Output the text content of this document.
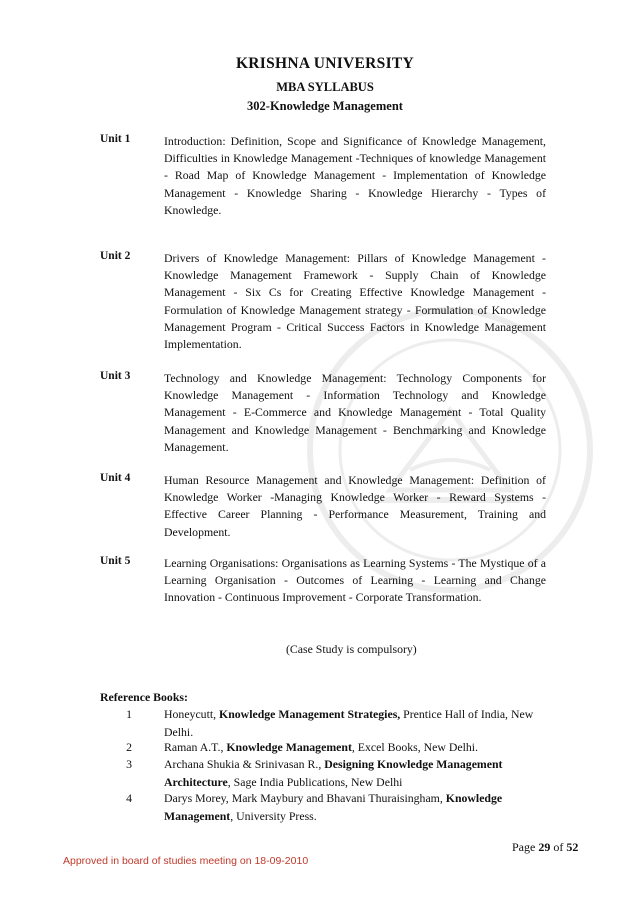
KRISHNA UNIVERSITY
MBA SYLLABUS
302-Knowledge Management
Unit 1	Introduction: Definition, Scope and Significance of Knowledge Management, Difficulties in Knowledge Management -Techniques of knowledge Management - Road Map of Knowledge Management - Implementation of Knowledge Management - Knowledge Sharing - Knowledge Hierarchy - Types of Knowledge.
Unit 2	Drivers of Knowledge Management: Pillars of Knowledge Management - Knowledge Management Framework - Supply Chain of Knowledge Management - Six Cs for Creating Effective Knowledge Management - Formulation of Knowledge Management strategy - Formulation of Knowledge Management Program - Critical Success Factors in Knowledge Management Implementation.
Unit 3	Technology and Knowledge Management: Technology Components for Knowledge Management - Information Technology and Knowledge Management - E-Commerce and Knowledge Management - Total Quality Management and Knowledge Management - Benchmarking and Knowledge Management.
Unit 4	Human Resource Management and Knowledge Management: Definition of Knowledge Worker -Managing Knowledge Worker - Reward Systems - Effective Career Planning - Performance Measurement, Training and Development.
Unit 5	Learning Organisations: Organisations as Learning Systems - The Mystique of a Learning Organisation - Outcomes of Learning - Learning and Change Innovation - Continuous Improvement - Corporate Transformation.
(Case Study is compulsory)
Reference Books:
1	Honeycutt, Knowledge Management Strategies, Prentice Hall of India, New Delhi.
2	Raman A.T., Knowledge Management, Excel Books, New Delhi.
3	Archana Shukia & Srinivasan R., Designing Knowledge Management Architecture, Sage India Publications, New Delhi
4	Darys Morey, Mark Maybury and Bhavani Thuraisingham, Knowledge Management, University Press.
Page 29 of 52
Approved in board of studies meeting on 18-09-2010
